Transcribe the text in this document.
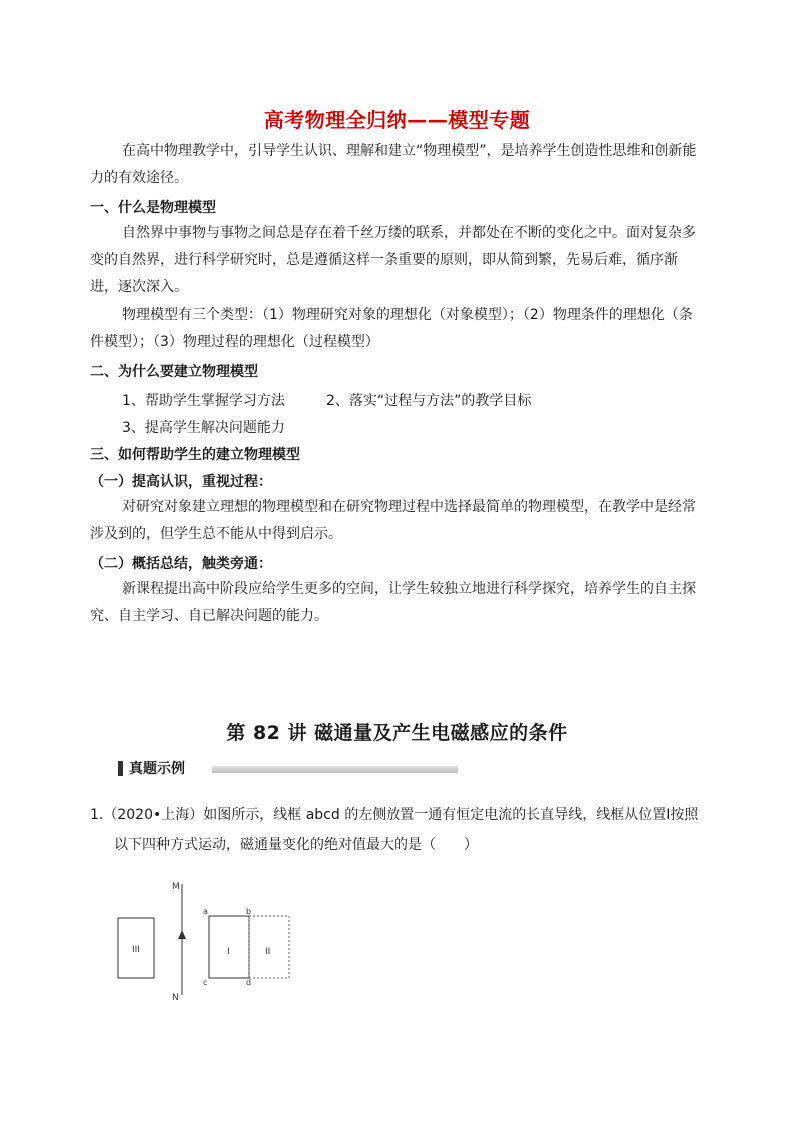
高考物理全归纳——模型专题
在高中物理教学中，引导学生认识、理解和建立“物理模型”，是培养学生创造性思维和创新能力的有效途径。
一、什么是物理模型
自然界中事物与事物之间总是存在着千丝万缕的联系，并都处在不断的变化之中。面对复杂多变的自然界，进行科学研究时，总是遵循这样一条重要的原则，即从简到繁，先易后难，循序渐进，逐次深入。
物理模型有三个类型：（1）物理研究对象的理想化（对象模型）；（2）物理条件的理想化（条件模型）；（3）物理过程的理想化（过程模型）
二、为什么要建立物理模型
1、帮助学生掌握学习方法	2、落实“过程与方法”的教学目标
3、提高学生解决问题能力
三、如何帮助学生的建立物理模型
（一）提高认识，重视过程：
对研究对象建立理想的物理模型和在研究物理过程中选择最简单的物理模型，在教学中是经常涉及到的，但学生总不能从中得到启示。
（二）概括总结，触类旁通：
新课程提出高中阶段应给学生更多的空间，让学生较独立地进行科学探究，培养学生的自主探究、自主学习、自已解决问题的能力。
第 82 讲 磁通量及产生电磁感应的条件
真题示例
1.（2020•上海）如图所示，线框 abcd 的左侧放置一通有恒定电流的长直导线，线框从位置Ⅰ按照
以下四种方式运动，磁通量变化的绝对值最大的是（　　）
III
M
N
I
a	b
c	d
II
